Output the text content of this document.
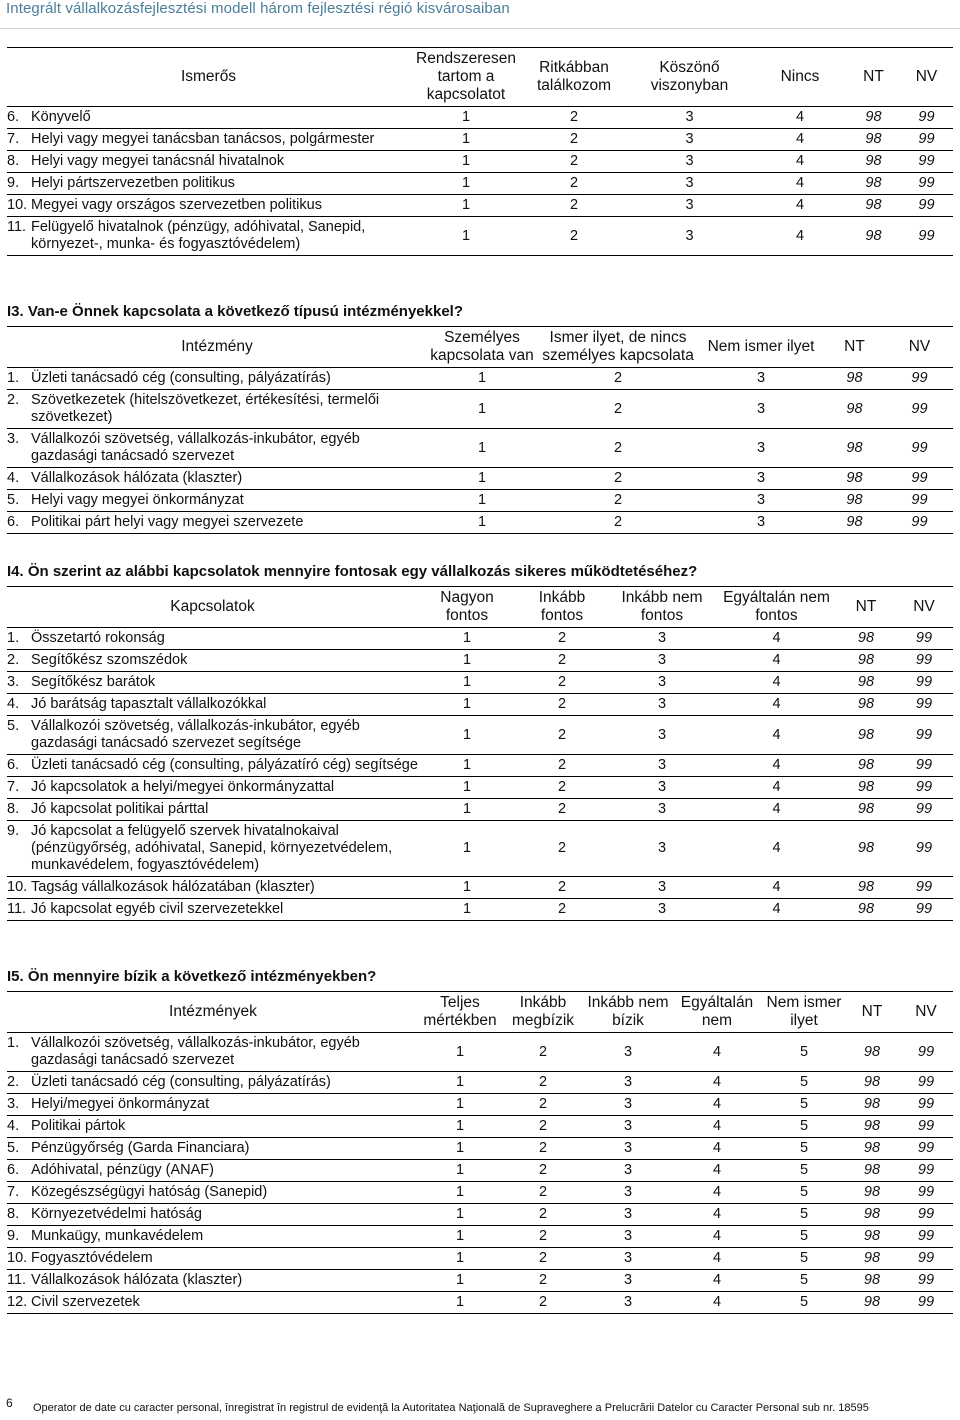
Integrált vállalkozásfejlesztési modell három fejlesztési régió kisvárosaiban
Ismerős	Rendszeresen tartom a kapcsolatot	Ritkábban találkozom	Köszönő viszonyban	Nincs	NT	NV

6. Könyvelő	1	2	3	4	98	99

7. Helyi vagy megyei tanácsban tanácsos, polgármester	1	2	3	4	98	99

8. Helyi vagy megyei tanácsnál hivatalnok	1	2	3	4	98	99

9. Helyi pártszervezetben politikus	1	2	3	4	98	99

10. Megyei vagy országos szervezetben politikus	1	2	3	4	98	99

11. Felügyelő hivatalnok (pénzügy, adóhivatal, Sanepid, környezet-, munka- és fogyasztóvédelem)	1	2	3	4	98	99
I3. Van-e Önnek kapcsolata a következő típusú intézményekkel?
Intézmény	Személyes kapcsolata van	Ismer ilyet, de nincs személyes kapcsolata	Nem ismer ilyet	NT	NV

1. Üzleti tanácsadó cég (consulting, pályázatírás)	1	2	3	98	99

2. Szövetkezetek (hitelszövetkezet, értékesítési, termelői szövetkezet)	1	2	3	98	99

3. Vállalkozói szövetség, vállalkozás-inkubátor, egyéb gazdasági tanácsadó szervezet	1	2	3	98	99

4. Vállalkozások hálózata (klaszter)	1	2	3	98	99

5. Helyi vagy megyei önkormányzat	1	2	3	98	99

6. Politikai párt helyi vagy megyei szervezete	1	2	3	98	99
I4. Ön szerint az alábbi kapcsolatok mennyire fontosak egy vállalkozás sikeres működtetéséhez?
Kapcsolatok	Nagyon fontos	Inkább fontos	Inkább nem fontos	Egyáltalán nem fontos	NT	NV

1. Összetartó rokonság	1	2	3	4	98	99

2. Segítőkész szomszédok	1	2	3	4	98	99

3. Segítőkész barátok	1	2	3	4	98	99

4. Jó barátság tapasztalt vállalkozókkal	1	2	3	4	98	99

5. Vállalkozói szövetség, vállalkozás-inkubátor, egyéb gazdasági tanácsadó szervezet segítsége	1	2	3	4	98	99

6. Üzleti tanácsadó cég (consulting, pályázatíró cég) segítsége	1	2	3	4	98	99

7. Jó kapcsolatok a helyi/megyei önkormányzattal	1	2	3	4	98	99

8. Jó kapcsolat politikai párttal	1	2	3	4	98	99

9. Jó kapcsolat a felügyelő szervek hivatalnokaival (pénzügyőrség, adóhivatal, Sanepid, környezetvédelem, munkavédelem, fogyasztóvédelem)	1	2	3	4	98	99

10. Tagság vállalkozások hálózatában (klaszter)	1	2	3	4	98	99

11. Jó kapcsolat egyéb civil szervezetekkel	1	2	3	4	98	99
I5. Ön mennyire bízik a következő intézményekben?
Intézmények	Teljes mértékben	Inkább megbízik	Inkább nem bízik	Egyáltalán nem	Nem ismer ilyet	NT	NV

1. Vállalkozói szövetség, vállalkozás-inkubátor, egyéb gazdasági tanácsadó szervezet	1	2	3	4	5	98	99

2. Üzleti tanácsadó cég (consulting, pályázatírás)	1	2	3	4	5	98	99

3. Helyi/megyei önkormányzat	1	2	3	4	5	98	99

4. Politikai pártok	1	2	3	4	5	98	99

5. Pénzügyőrség (Garda Financiara)	1	2	3	4	5	98	99

6. Adóhivatal, pénzügy (ANAF)	1	2	3	4	5	98	99

7. Közegészségügyi hatóság (Sanepid)	1	2	3	4	5	98	99

8. Környezetvédelmi hatóság	1	2	3	4	5	98	99

9. Munkaügy, munkavédelem	1	2	3	4	5	98	99

10. Fogyasztóvédelem	1	2	3	4	5	98	99

11. Vállalkozások hálózata (klaszter)	1	2	3	4	5	98	99

12. Civil szervezetek	1	2	3	4	5	98	99
6 Operator de date cu caracter personal, înregistrat în registrul de evidenţă la Autoritatea Naţională de Supraveghere a Prelucrării Datelor cu Caracter Personal sub nr. 18595
